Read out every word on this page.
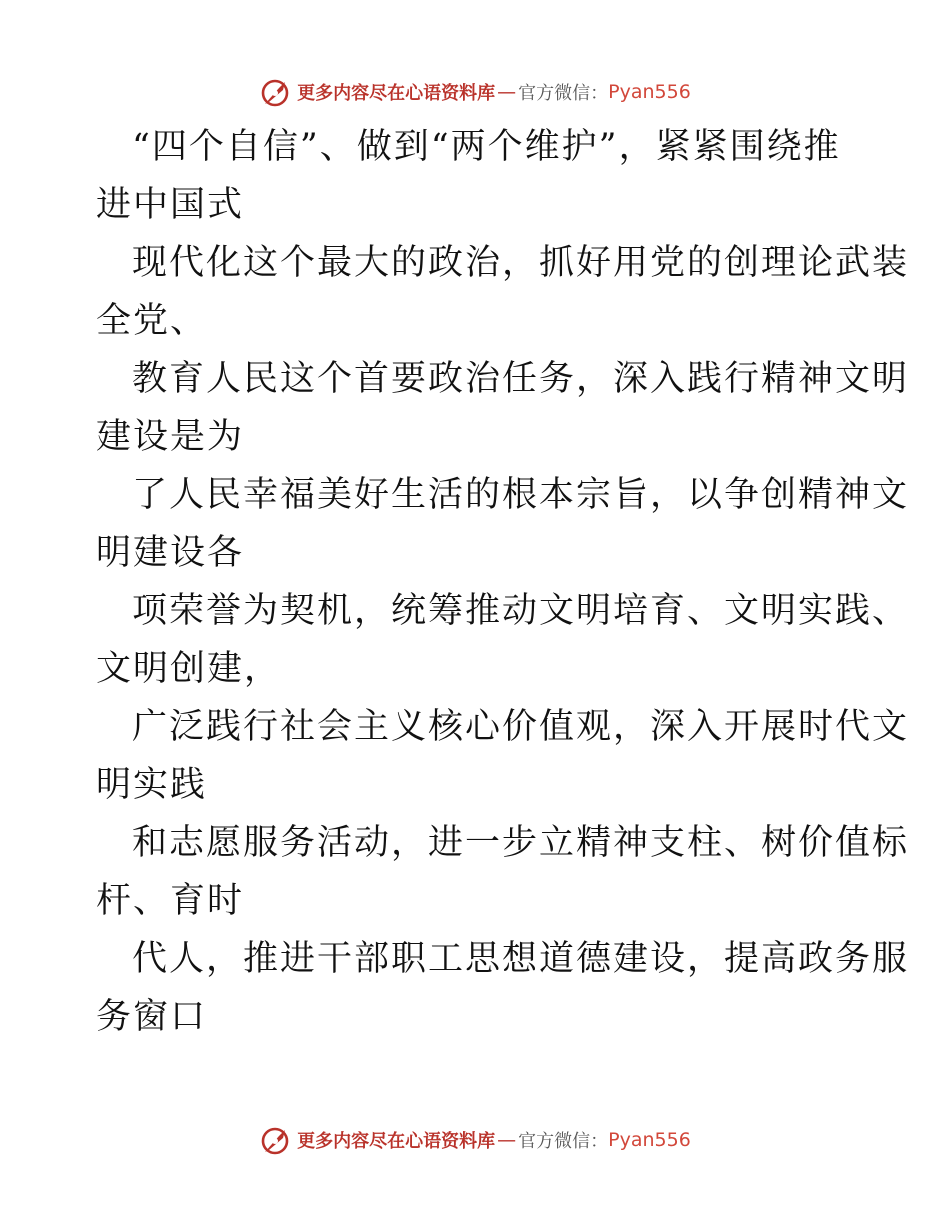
更多内容尽在心语资料库 — 官方微信： Pyan556
“四个自信”、做到“两个维护”，紧紧围绕推
进中国式
现代化这个最大的政治，抓好用党的创理论武装
全党、
教育人民这个首要政治任务，深入践行精神文明
建设是为
了人民幸福美好生活的根本宗旨，以争创精神文
明建设各
项荣誉为契机，统筹推动文明培育、文明实践、
文明创建，
广泛践行社会主义核心价值观，深入开展时代文
明实践
和志愿服务活动，进一步立精神支柱、树价值标
杆、育时
代人，推进干部职工思想道德建设，提高政务服
务窗口
更多内容尽在心语资料库 — 官方微信： Pyan556
